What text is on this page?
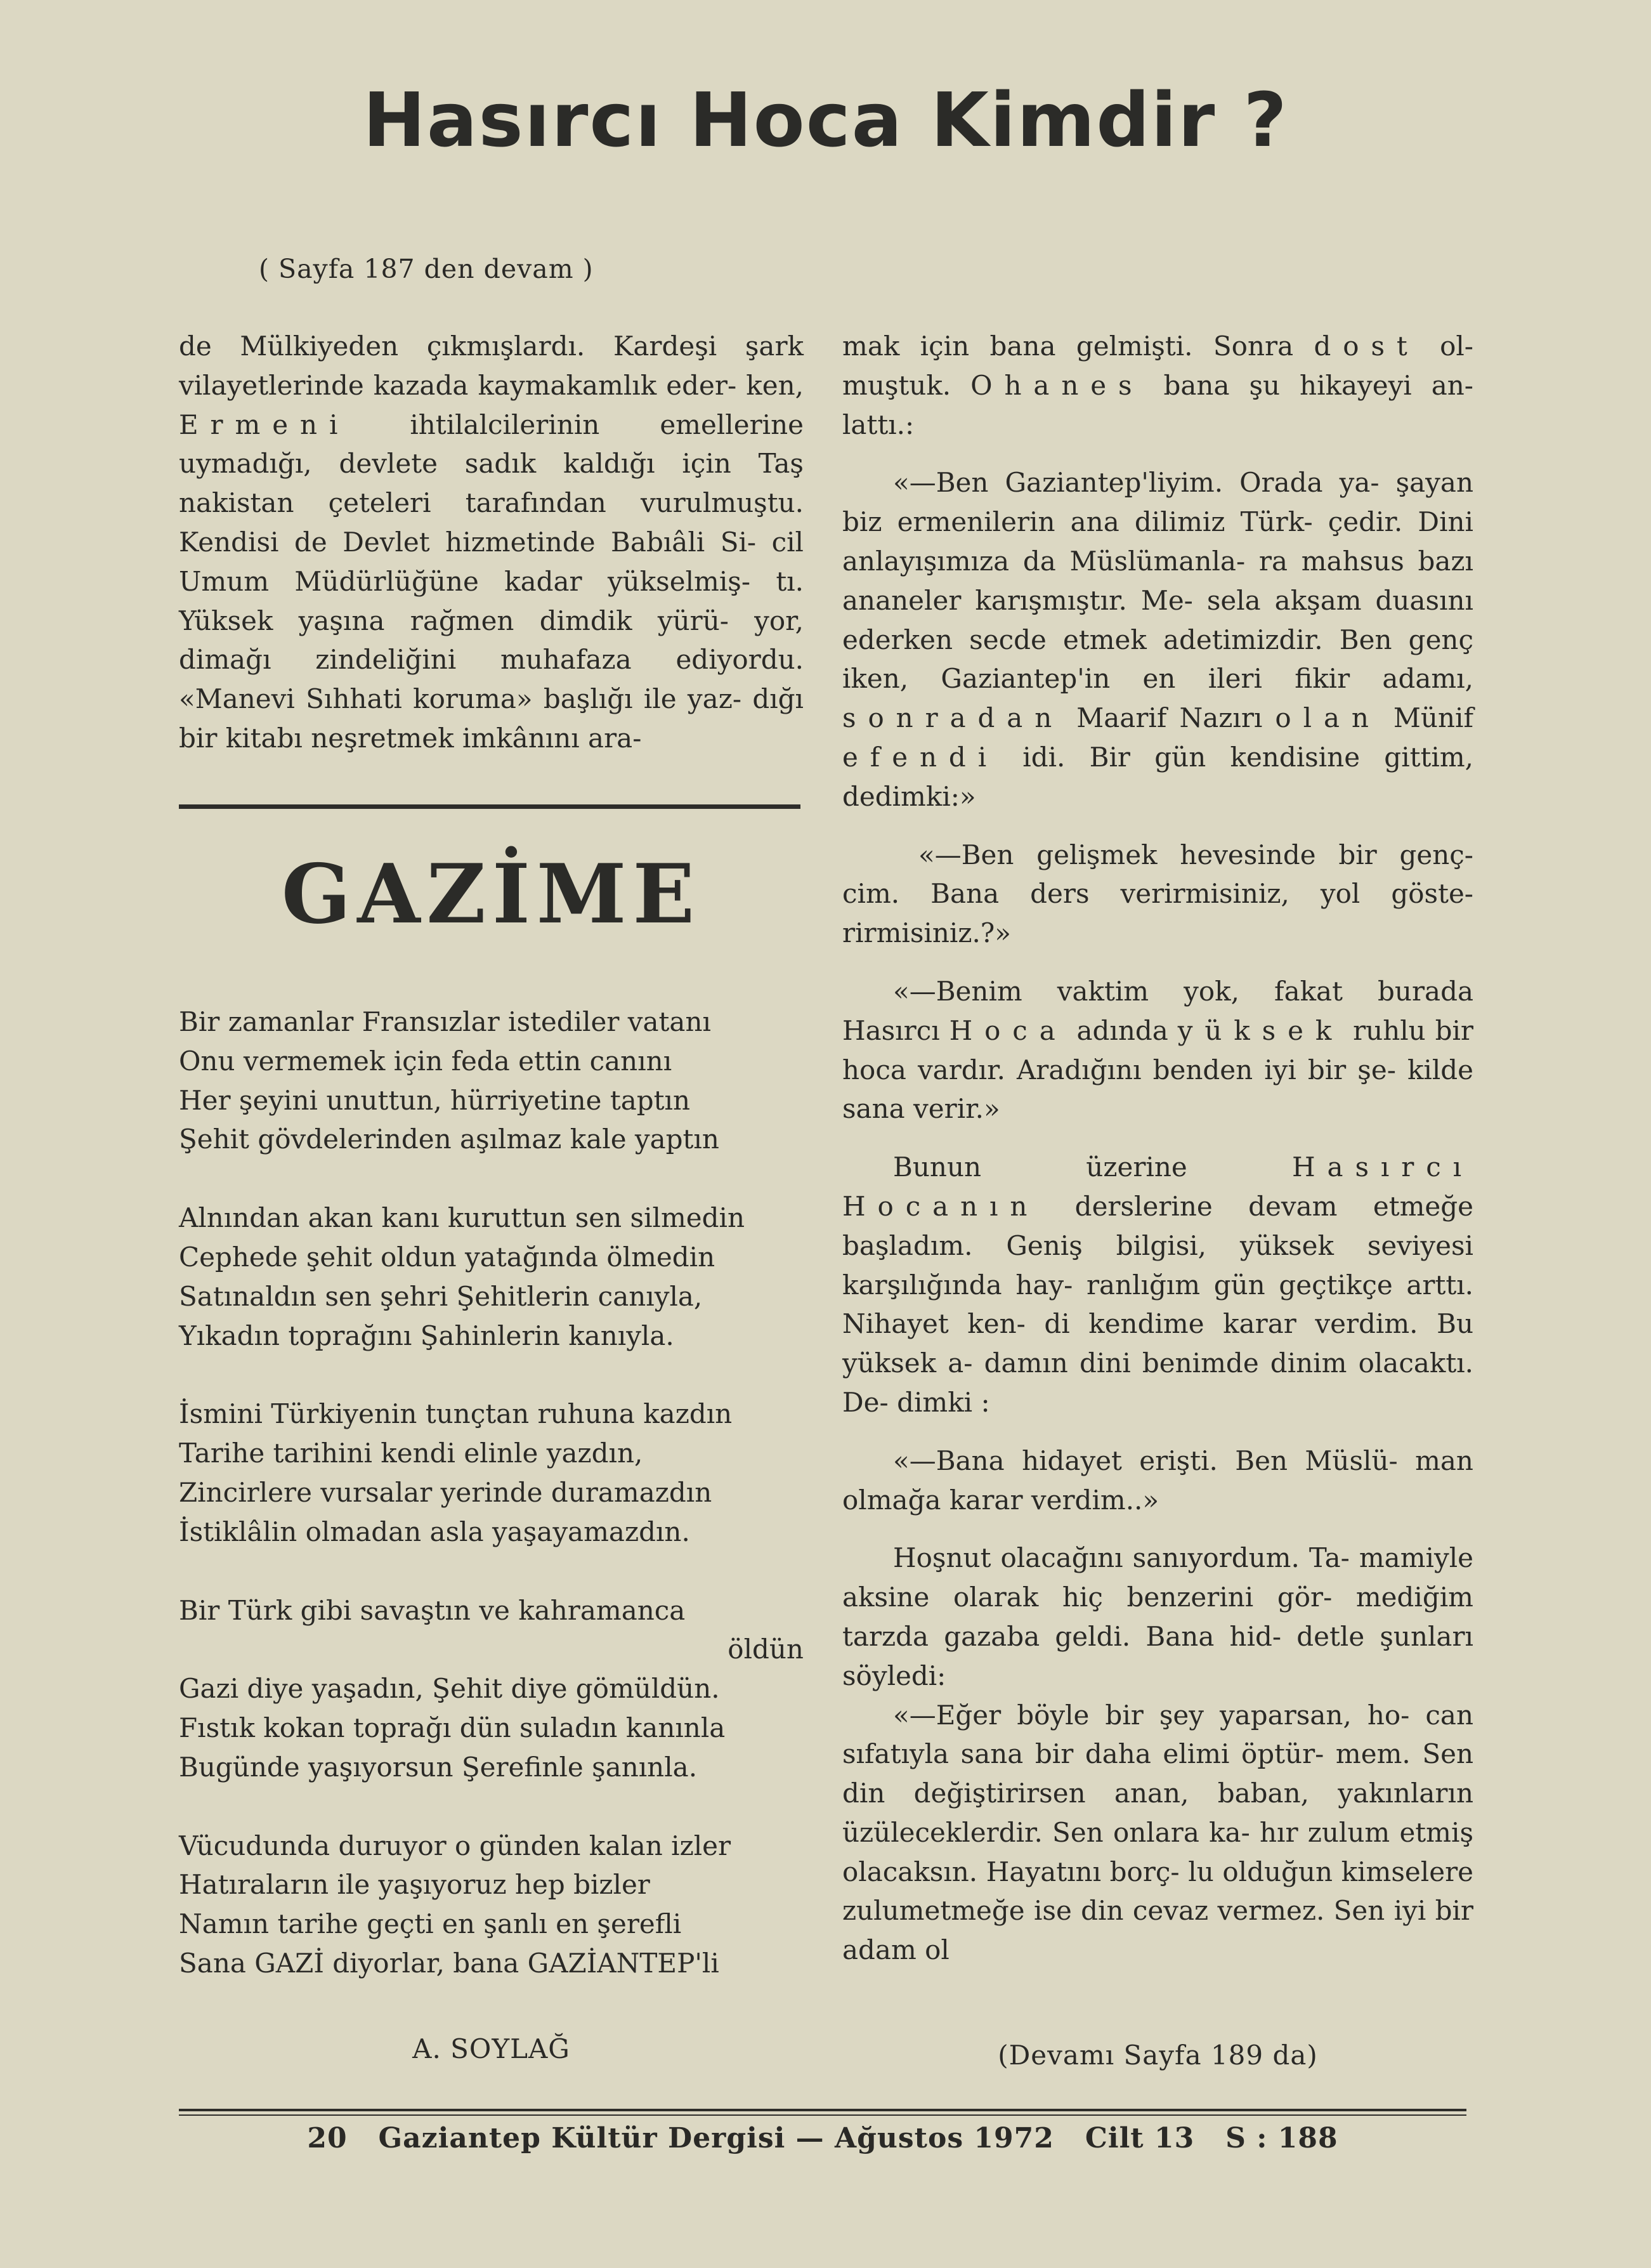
Hasırcı Hoca Kimdir ?
( Sayfa 187 den devam )

de Mülkiyeden çıkmışlardı. Kardeşi şark vilayetlerinde kazada kaymakamlık eder- ken, Ermeni ihtilalcilerinin emellerine uymadığı, devlete sadık kaldığı için Taş nakistan çeteleri tarafından vurulmuştu. Kendisi de Devlet hizmetinde Babıâli Si- cil Umum Müdürlüğüne kadar yükselmiş- tı. Yüksek yaşına rağmen dimdik yürü- yor, dimağı zindeliğini muhafaza ediyordu. «Manevi Sıhhati koruma» başlığı ile yaz- dığı bir kitabı neşretmek imkânını ara-

GAZİME
Bir zamanlar Fransızlar istediler vatanı
Onu vermemek için feda ettin canını
Her şeyini unuttun, hürriyetine taptın
Şehit gövdelerinden aşılmaz kale yaptın
Alnından akan kanı kuruttun sen silmedin
Cephede şehit oldun yatağında ölmedin
Satınaldın sen şehri Şehitlerin canıyla,
Yıkadın toprağını Şahinlerin kanıyla.
İsmini Türkiyenin tunçtan ruhuna kazdın
Tarihe tarihini kendi elinle yazdın,
Zincirlere vursalar yerinde duramazdın
İstiklâlin olmadan asla yaşayamazdın.
Bir Türk gibi savaştın ve kahramanca
öldün
Gazi diye yaşadın, Şehit diye gömüldün.
Fıstık kokan toprağı dün suladın kanınla
Bugünde yaşıyorsun Şerefinle şanınla.
Vücudunda duruyor o günden kalan izler
Hatıraların ile yaşıyoruz hep bizler
Namın tarihe geçti en şanlı en şerefli
Sana GAZİ diyorlar, bana GAZİANTEP'li
A. SOYLAĞ

mak için bana gelmişti. Sonra dost ol- muştuk. Ohanes bana şu hikayeyi an- lattı.:

«—Ben Gaziantep'liyim. Orada ya- şayan biz ermenilerin ana dilimiz Türk- çedir. Dini anlayışımıza da Müslümanla- ra mahsus bazı ananeler karışmıştır. Me- sela akşam duasını ederken secde etmek adetimizdir. Ben genç iken, Gaziantep'in en ileri fikir adamı, sonradan Maarif Nazırı olan Münif efendi idi. Bir gün kendisine gittim, dedimki:»

«—Ben gelişmek hevesinde bir genç- cim. Bana ders verirmisiniz, yol göste- rirmisiniz.?»

«—Benim vaktim yok, fakat burada Hasırcı Hoca adında yüksek ruhlu bir hoca vardır. Aradığını benden iyi bir şe- kilde sana verir.»

Bunun üzerine Hasırcı Hocanın derslerine devam etmeğe başladım. Geniş bilgisi, yüksek seviyesi karşılığında hay- ranlığım gün geçtikçe arttı. Nihayet ken- di kendime karar verdim. Bu yüksek a- damın dini benimde dinim olacaktı. De- dimki :

«—Bana hidayet erişti. Ben Müslü- man olmağa karar verdim..»

Hoşnut olacağını sanıyordum. Ta- mamiyle aksine olarak hiç benzerini gör- mediğim tarzda gazaba geldi. Bana hid- detle şunları söyledi:

«—Eğer böyle bir şey yaparsan, ho- can sıfatıyla sana bir daha elimi öptür- mem. Sen din değiştirirsen anan, baban, yakınların üzüleceklerdir. Sen onlara ka- hır zulum etmiş olacaksın. Hayatını borç- lu olduğun kimselere zulumetmeğe ise din cevaz vermez. Sen iyi bir adam ol

(Devamı Sayfa 189 da)
20 Gaziantep Kültür Dergisi — Ağustos 1972 Cilt 13 S : 188
